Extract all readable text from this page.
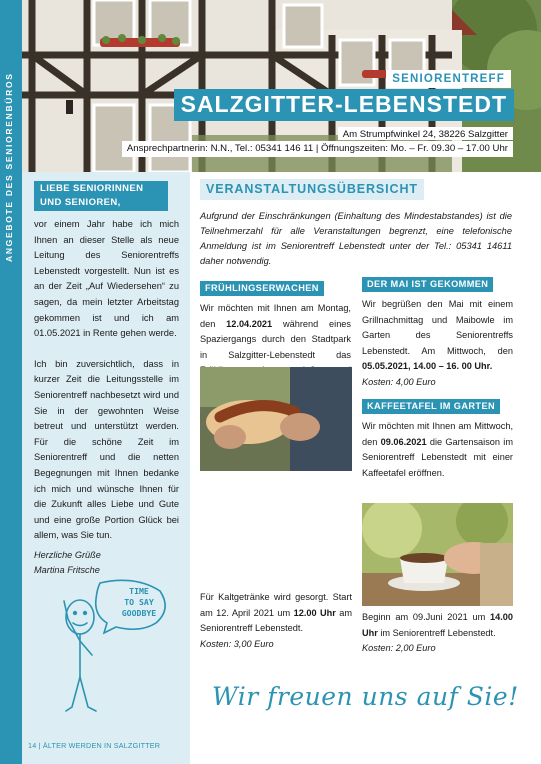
ANGEBOTE DES SENIORENBÜROS	SENIORENTREFF
SALZGITTER-LEBENSTEDT
Am Strumpfwinkel 24, 38226 Salzgitter
Ansprechpartnerin: N.N., Tel.: 05341 146 11 | Öffnungszeiten: Mo. – Fr. 09.30 – 17.00 Uhr
LIEBE SENIORINNEN
UND SENIOREN,

vor einem Jahr habe ich mich Ihnen an dieser Stelle als neue Leitung des Seniorentreffs Lebenstedt vorgestellt. Nun ist es an der Zeit „Auf Wiedersehen“ zu sagen, da mein letzter Arbeitstag gekommen ist und ich am 01.05.2021 in Rente gehen werde.

Ich bin zuversichtlich, dass in kurzer Zeit die Leitungsstelle im Seniorentreff nachbesetzt wird und Sie in der gewohnten Weise betreut und unterstützt werden. Für die schöne Zeit im Seniorentreff und die netten Begegnungen mit Ihnen bedanke ich mich und wünsche Ihnen für die Zukunft alles Liebe und Gute und eine große Portion Glück bei allem, was Sie tun.

Herzliche Grüße
Martina Fritsche
TIME
TO SAY
GOODBYE
14 | ÄLTER WERDEN IN SALZGITTER
VERANSTALTUNGSÜBERSICHT
Aufgrund der Einschränkungen (Einhaltung des Mindestabstandes) ist die Teilnehmerzahl für alle Veranstaltungen begrenzt, eine telefonische Anmeldung ist im Seniorentreff Lebenstedt unter der Tel.: 05341 14611 daher notwendig.
FRÜHLINGSERWACHEN
Wir möchten mit Ihnen am Montag, den 12.04.2021 während eines Spaziergangs durch den Stadtpark in Salzgitter-Lebenstedt das
Für Kaltgetränke wird gesorgt. Start am 12. April 2021 um 12.00 Uhr am Seniorentreff Lebenstedt.
Kosten: 3,00 Euro
DER MAI IST GEKOMMEN
Wir begrüßen den Mai mit einem Grillnachmittag und Maibowle im Garten des Seniorentreffs Lebenstedt. Am Mittwoch, den 05.05.2021, 14.00 – 16. 00 Uhr.
Kosten: 4,00 Euro
KAFFEETAFEL IM GARTEN
Wir möchten mit Ihnen am Mittwoch, den 09.06.2021 die Gartensaison im Seniorentreff Lebenstedt mit einer Kaffeetafel eröffnen.
Beginn am 09.Juni 2021 um 14.00 Uhr im Seniorentreff Lebenstedt.
Kosten: 2,00 Euro
Wir freuen uns auf Sie!
